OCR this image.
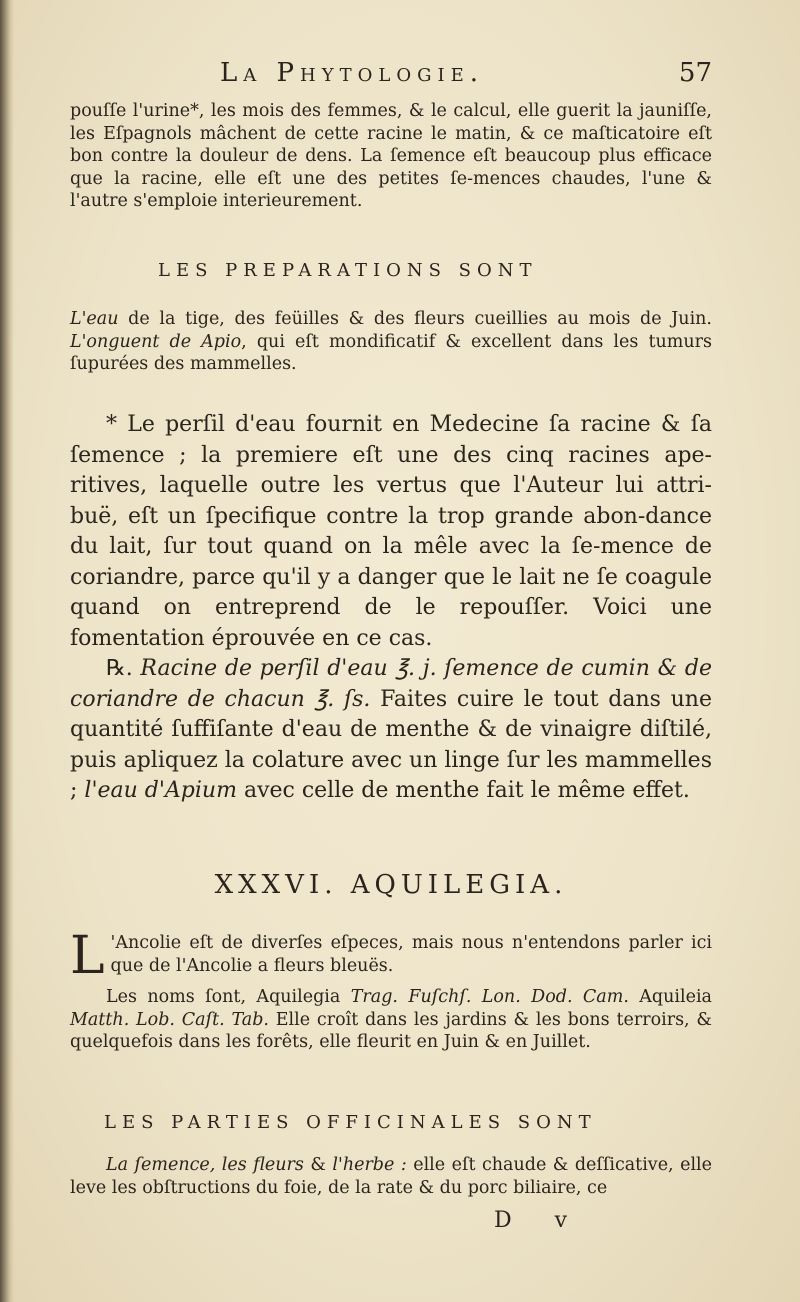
La Phytologie.	57

pouſſe l'urine*, les mois des femmes, & le calcul, elle guerit la jauniſſe, les Eſpagnols mâchent de cette racine le matin, & ce maſticatoire eſt bon contre la douleur de dens. La ſemence eſt beaucoup plus efficace que la racine, elle eſt une des petites ſe-mences chaudes, l'une & l'autre s'emploie interieurement.

LES PREPARATIONS SONT

L'eau de la tige, des feüilles & des fleurs cueillies au mois de Juin. L'onguent de Apio, qui eſt mondificatif & excellent dans les tumurs ſupurées des mammelles.

* Le perſil d'eau fournit en Medecine ſa racine & ſa ſemence ; la premiere eſt une des cinq racines ape-ritives, laquelle outre les vertus que l'Auteur lui attri-buë, eſt un ſpecifique contre la trop grande abon-dance du lait, ſur tout quand on la mêle avec la ſe-mence de coriandre, parce qu'il y a danger que le lait ne ſe coagule quand on entreprend de le repouſſer. Voici une fomentation éprouvée en ce cas.

℞. Racine de perſil d'eau ℥. j. ſemence de cumin & de coriandre de chacun ℥. ſs. Faites cuire le tout dans une quantité ſuffiſante d'eau de menthe & de vinaigre diſtilé, puis apliquez la colature avec un linge ſur les mammelles ; l'eau d'Apium avec celle de menthe fait le même effet.

XXXVI. AQUILEGIA.

L 'Ancolie eſt de diverſes eſpeces, mais nous n'entendons parler ici que de l'Ancolie a fleurs bleuës.

Les noms ſont, Aquilegia Trag. Fuſchſ. Lon. Dod. Cam. Aquileia Matth. Lob. Caſt. Tab. Elle croît dans les jardins & les bons terroirs, & quelquefois dans les forêts, elle fleurit en Juin & en Juillet.

LES PARTIES OFFICINALES SONT

La ſemence, les fleurs & l'herbe : elle eſt chaude & deſſicative, elle leve les obſtructions du foie, de la rate & du porc biliaire, ce

D v
